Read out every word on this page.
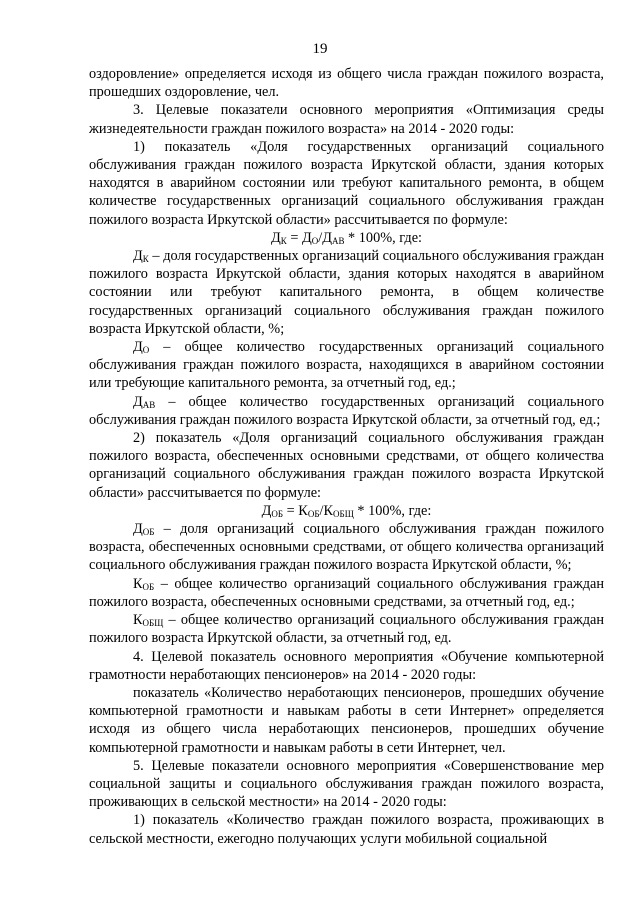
19

оздоровление» определяется исходя из общего числа граждан пожилого возраста, прошедших оздоровление, чел.

3. Целевые показатели основного мероприятия «Оптимизация среды жизнедеятельности граждан пожилого возраста» на 2014 - 2020 годы:

1) показатель «Доля государственных организаций социального обслуживания граждан пожилого возраста Иркутской области, здания которых находятся в аварийном состоянии или требуют капитального ремонта, в общем количестве государственных организаций социального обслуживания граждан пожилого возраста Иркутской области» рассчитывается по формуле:

$Д_К = Д_О/Д_{АВ} * 100\%$, где:

$Д_К$ – доля государственных организаций социального обслуживания граждан пожилого возраста Иркутской области, здания которых находятся в аварийном состоянии или требуют капитального ремонта, в общем количестве государственных организаций социального обслуживания граждан пожилого возраста Иркутской области, %;

$Д_О$ – общее количество государственных организаций социального обслуживания граждан пожилого возраста, находящихся в аварийном состоянии или требующие капитального ремонта, за отчетный год, ед.;

$Д_{АВ}$ – общее количество государственных организаций социального обслуживания граждан пожилого возраста Иркутской области, за отчетный год, ед.;

2) показатель «Доля организаций социального обслуживания граждан пожилого возраста, обеспеченных основными средствами, от общего количества организаций социального обслуживания граждан пожилого возраста Иркутской области» рассчитывается по формуле:

$Д_{ОБ} = К_{ОБ}/К_{ОБЩ} * 100\%$, где:

$Д_{ОБ}$ – доля организаций социального обслуживания граждан пожилого возраста, обеспеченных основными средствами, от общего количества организаций социального обслуживания граждан пожилого возраста Иркутской области, %;

$К_{ОБ}$ – общее количество организаций социального обслуживания граждан пожилого возраста, обеспеченных основными средствами, за отчетный год, ед.;

$К_{ОБЩ}$ – общее количество организаций социального обслуживания граждан пожилого возраста Иркутской области, за отчетный год, ед.

4. Целевой показатель основного мероприятия «Обучение компьютерной грамотности неработающих пенсионеров» на 2014 - 2020 годы:

показатель «Количество неработающих пенсионеров, прошедших обучение компьютерной грамотности и навыкам работы в сети Интернет» определяется исходя из общего числа неработающих пенсионеров, прошедших обучение компьютерной грамотности и навыкам работы в сети Интернет, чел.

5. Целевые показатели основного мероприятия «Совершенствование мер социальной защиты и социального обслуживания граждан пожилого возраста, проживающих в сельской местности» на 2014 - 2020 годы:

1) показатель «Количество граждан пожилого возраста, проживающих в сельской местности, ежегодно получающих услуги мобильной социальной
